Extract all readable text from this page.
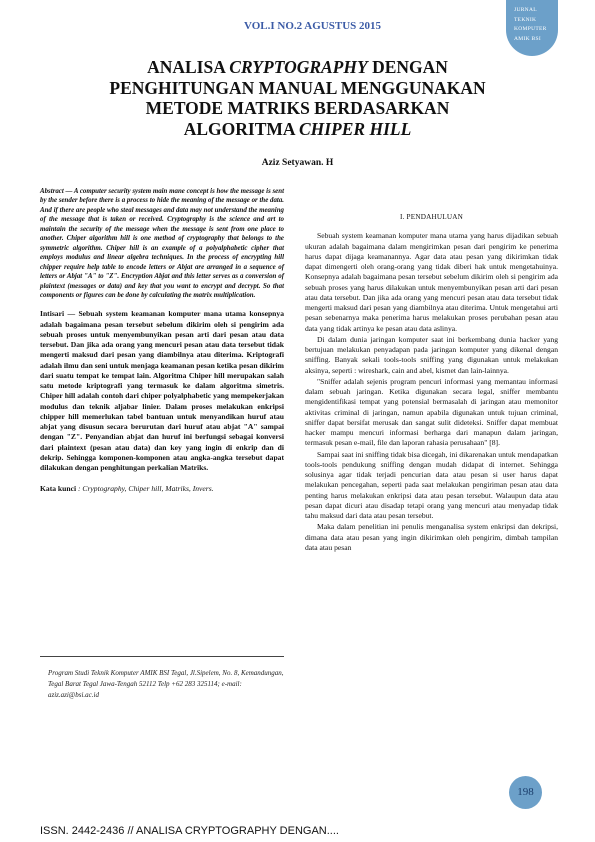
JURNAL
TEKNIK
KOMPUTER
AMIK BSI
VOL.I NO.2 AGUSTUS 2015
ANALISA CRYPTOGRAPHY DENGAN
PENGHITUNGAN MANUAL MENGGUNAKAN
METODE MATRIKS BERDASARKAN
ALGORITMA CHIPER HILL
Aziz Setyawan. H
Abstract — A computer security system main mane concept is how the message is sent by the sender before there is a process to hide the meaning of the message or the data. And if there are people who steal messages and data may not understand the meaning of the message that is taken or received. Cryptography is the science and art to maintain the security of the message when the message is sent from one place to another. Chiper algorithm hill is one method of cryptography that belongs to the symmetric algorithm. Chiper hill is an example of a polyalphabetic cipher that employs modulus and linear algebra techniques. In the process of encrypting hill chipper require help table to encode letters or Abjat are arranged in a sequence of letters or Abjat "A" to "Z". Encryption Abjat and this letter serves as a conversion of plaintext (messages or data) and key that you want to encrypt and decrypt. So that components or figures can be done by calculating the matrix multiplication.
Intisari — Sebuah system keamanan komputer mana utama konsepnya adalah bagaimana pesan tersebut sebelum dikirim oleh si pengirim ada sebuah proses untuk menyembunyikan pesan arti dari pesan atau data tersebut. Dan jika ada orang yang mencuri pesan atau data tersebut tidak mengerti maksud dari pesan yang diambilnya atau diterima. Kriptografi adalah ilmu dan seni untuk menjaga keamanan pesan ketika pesan dikirim dari suatu tempat ke tempat lain. Algoritma Chiper hill merupakan salah satu metode kriptografi yang termasuk ke dalam algoritma simetris. Chiper hill adalah contoh dari chiper polyalphabetic yang mempekerjakan modulus dan teknik aljabar linier. Dalam proses melakukan enkripsi chipper hill memerlukan tabel bantuan untuk menyandikan huruf atau abjat yang disusun secara berurutan dari huruf atau abjat "A" sampai dengan "Z". Penyandian abjat dan huruf ini berfungsi sebagai konversi dari plaintext (pesan atau data) dan key yang ingin di enkrip dan di dekrip. Sehingga komponen-komponen atau angka-angka tersebut dapat dilakukan dengan penghitungan perkalian Matriks.
Kata kunci : Cryptography, Chiper hill, Matriks, Invers.
Program Studi Teknik Komputer AMIK BSI Tegal, Jl.Sipelem, No. 8, Kemandungan, Tegal Barat Tegal Jawa-Tengah 52112 Telp +62 283 325114; e-mail: aziz.azi@bsi.ac.id
I. PENDAHULUAN

Sebuah system keamanan komputer mana utama yang harus dijadikan sebuah ukuran adalah bagaimana dalam mengirimkan pesan dari pengirim ke penerima harus dapat dijaga keamanannya. Agar data atau pesan yang dikirimkan tidak dapat dimengerti oleh orang-orang yang tidak diberi hak untuk mengetahuinya. Konsepnya adalah bagaimana pesan tersebut sebelum dikirim oleh si pengirim ada sebuah proses yang harus dilakukan untuk menyembunyikan pesan arti dari pesan atau data tersebut. Dan jika ada orang yang mencuri pesan atau data tersebut tidak mengerti maksud dari pesan yang diambilnya atau diterima. Untuk mengetahui arti pesan sebenarnya maka penerima harus melakukan proses perubahan pesan atau data yang tidak artinya ke pesan atau data aslinya.

Di dalam dunia jaringan komputer saat ini berkembang dunia hacker yang bertujuan melakukan penyadapan pada jaringan komputer yang dikenal dengan sniffing. Banyak sekali tools-tools sniffing yang digunakan untuk melakukan aksinya, seperti : wireshark, cain and abel, kismet dan lain-lainnya.

"Sniffer adalah sejenis program pencuri informasi yang memantau informasi dalam sebuah jaringan. Ketika digunakan secara legal, sniffer membantu mengidentifikasi tempat yang potensial bermasalah di jaringan atau memonitor aktivitas criminal di jaringan, namun apabila digunakan untuk tujuan criminal, sniffer dapat bersifat merusak dan sangat sulit dideteksi. Sniffer dapat membuat hacker mampu mencuri informasi berharga dari manapun dalam jaringan, termasuk pesan e-mail, file dan laporan rahasia perusahaan" [8].

Sampai saat ini sniffing tidak bisa dicegah, ini dikarenakan untuk mendapatkan tools-tools pendukung sniffing dengan mudah didapat di internet. Sehingga solusinya agar tidak terjadi pencurian data atau pesan si user harus dapat melakukan pencegahan, seperti pada saat melakukan pengiriman pesan atau data penting harus melakukan enkripsi data atau pesan tersebut. Walaupun data atau pesan dapat dicuri atau disadap tetapi orang yang mencuri atau menyadap tidak tahu maksud dari data atau pesan tersebut.

Maka dalam penelitian ini penulis menganalisa system enkripsi dan dekripsi, dimana data atau pesan yang ingin dikirimkan oleh pengirim, dimbah tampilan data atau pesan

198
ISSN. 2442-2436 // ANALISA CRYPTOGRAPHY DENGAN....
